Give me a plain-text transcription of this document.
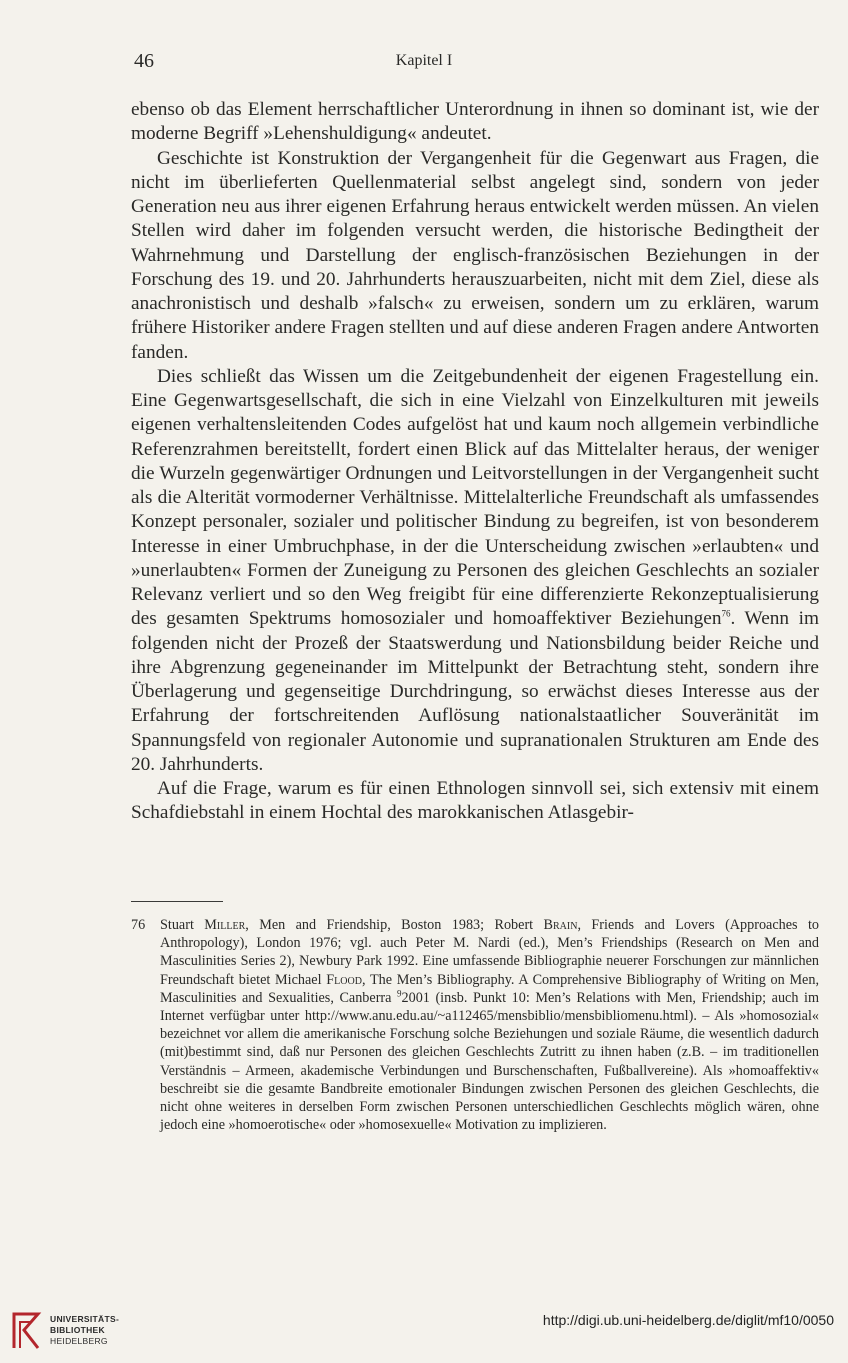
46	Kapitel I

ebenso ob das Element herrschaftlicher Unterordnung in ihnen so dominant ist, wie der moderne Begriff »Lehenshuldigung« andeutet.

Geschichte ist Konstruktion der Vergangenheit für die Gegenwart aus Fragen, die nicht im überlieferten Quellenmaterial selbst angelegt sind, sondern von jeder Generation neu aus ihrer eigenen Erfahrung heraus entwickelt werden müssen. An vielen Stellen wird daher im folgenden versucht werden, die historische Bedingtheit der Wahrnehmung und Darstellung der englisch-französischen Beziehungen in der Forschung des 19. und 20. Jahrhunderts herauszuarbeiten, nicht mit dem Ziel, diese als anachronistisch und deshalb »falsch« zu erweisen, sondern um zu erklären, warum frühere Historiker andere Fragen stellten und auf diese anderen Fragen andere Antworten fanden.

Dies schließt das Wissen um die Zeitgebundenheit der eigenen Fragestellung ein. Eine Gegenwartsgesellschaft, die sich in eine Vielzahl von Einzelkulturen mit jeweils eigenen verhaltensleitenden Codes aufgelöst hat und kaum noch allgemein verbindliche Referenzrahmen bereitstellt, fordert einen Blick auf das Mittelalter heraus, der weniger die Wurzeln gegenwärtiger Ordnungen und Leitvorstellungen in der Vergangenheit sucht als die Alterität vormoderner Verhältnisse. Mittelalterliche Freundschaft als umfassendes Konzept personaler, sozialer und politischer Bindung zu begreifen, ist von besonderem Interesse in einer Umbruchphase, in der die Unterscheidung zwischen »erlaubten« und »unerlaubten« Formen der Zuneigung zu Personen des gleichen Geschlechts an sozialer Relevanz verliert und so den Weg freigibt für eine differenzierte Rekonzeptualisierung des gesamten Spektrums homosozialer und homoaffektiver Beziehungen$^{76}$. Wenn im folgenden nicht der Prozeß der Staatswerdung und Nationsbildung beider Reiche und ihre Abgrenzung gegeneinander im Mittelpunkt der Betrachtung steht, sondern ihre Überlagerung und gegenseitige Durchdringung, so erwächst dieses Interesse aus der Erfahrung der fortschreitenden Auflösung nationalstaatlicher Souveränität im Spannungsfeld von regionaler Autonomie und supranationalen Strukturen am Ende des 20. Jahrhunderts.

Auf die Frage, warum es für einen Ethnologen sinnvoll sei, sich extensiv mit einem Schafdiebstahl in einem Hochtal des marokkanischen Atlasgebir-

76 Stuart Miller, Men and Friendship, Boston 1983; Robert Brain, Friends and Lovers (Approaches to Anthropology), London 1976; vgl. auch Peter M. Nardi (ed.), Men’s Friendships (Research on Men and Masculinities Series 2), Newbury Park 1992. Eine umfassende Bibliographie neuerer Forschungen zur männlichen Freundschaft bietet Michael Flood, The Men’s Bibliography. A Comprehensive Bibliography of Writing on Men, Masculinities and Sexualities, Canberra $^9$2001 (insb. Punkt 10: Men’s Relations with Men, Friendship; auch im Internet verfügbar unter http://www.anu.edu.au/~a112465/mensbiblio/mensbibliomenu.html). – Als »homosozial« bezeichnet vor allem die amerikanische Forschung solche Beziehungen und soziale Räume, die wesentlich dadurch (mit)bestimmt sind, daß nur Personen des gleichen Geschlechts Zutritt zu ihnen haben (z.B. – im traditionellen Verständnis – Armeen, akademische Verbindungen und Burschenschaften, Fußballvereine). Als »homoaffektiv« beschreibt sie die gesamte Bandbreite emotionaler Bindungen zwischen Personen des gleichen Geschlechts, die nicht ohne weiteres in derselben Form zwischen Personen unterschiedlichen Geschlechts möglich wären, ohne jedoch eine »homoerotische« oder »homosexuelle« Motivation zu implizieren.
UNIVERSITÄTS-
BIBLIOTHEK
HEIDELBERG
http://digi.ub.uni-heidelberg.de/diglit/mf10/0050
